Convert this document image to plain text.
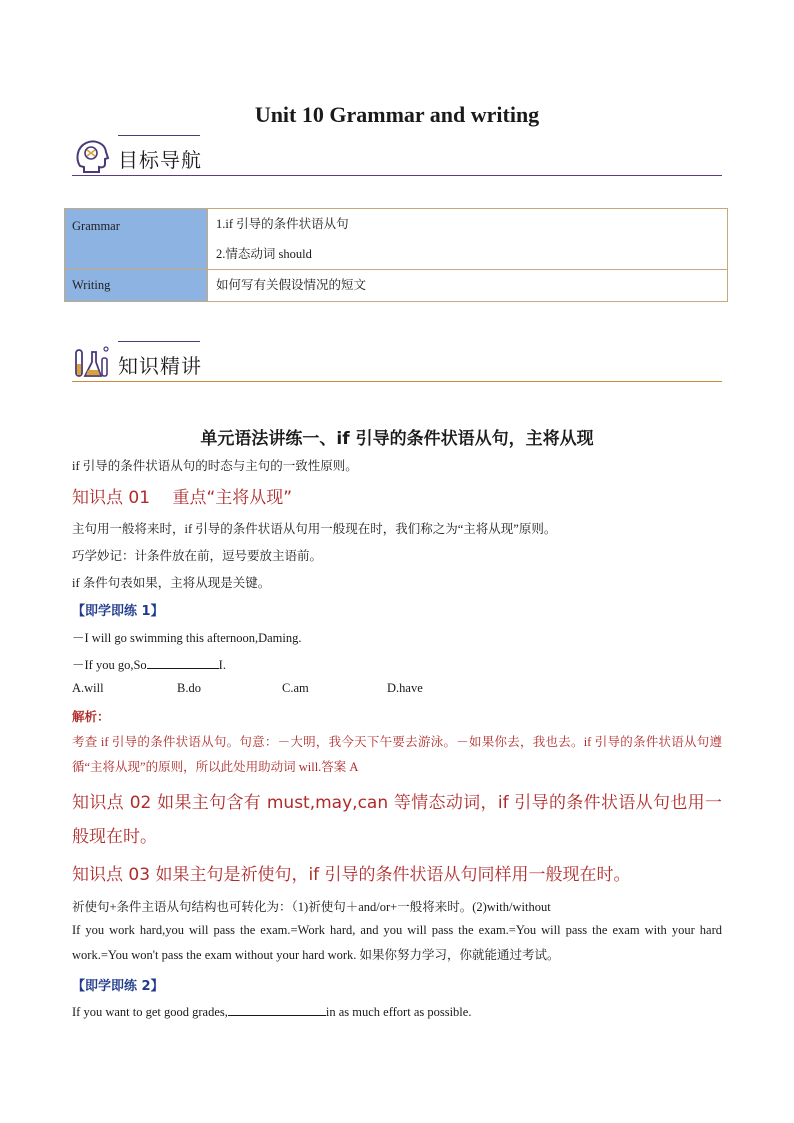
Unit 10 Grammar and writing
目标导航
Grammar	1.if 引导的条件状语从句
2.情态动词 should

Writing	如何写有关假设情况的短文
知识精讲
单元语法讲练一、if 引导的条件状语从句，主将从现
if 引导的条件状语从句的时态与主句的一致性原则。
知识点 01　 重点“主将从现”
主句用一般将来时，if 引导的条件状语从句用一般现在时，我们称之为“主将从现”原则。
巧学妙记：计条件放在前，逗号要放主语前。
if 条件句表如果，主将从现是关键。
【即学即练 1】
－I will go swimming this afternoon,Daming.
－If you go,So	I.
A.will	B.do	C.am	D.have
解析：
考查 if 引导的条件状语从句。句意：－大明，我今天下午要去游泳。－如果你去，我也去。if 引导的条件状语从句遵循“主将从现”的原则，所以此处用助动词 will.答案 A
知识点 02 如果主句含有 must,may,can 等情态动词，if 引导的条件状语从句也用一般现在时。
知识点 03 如果主句是祈使句，if 引导的条件状语从句同样用一般现在时。
祈使句+条件主语从句结构也可转化为：（1)祈使句＋and/or+一般将来时。(2)with/without
If you work hard,you will pass the exam.=Work hard, and you will pass the exam.=You will pass the exam with your hard work.=You won't pass the exam without your hard work. 如果你努力学习，你就能通过考试。
【即学即练 2】
If you want to get good grades,	in as much effort as possible.
